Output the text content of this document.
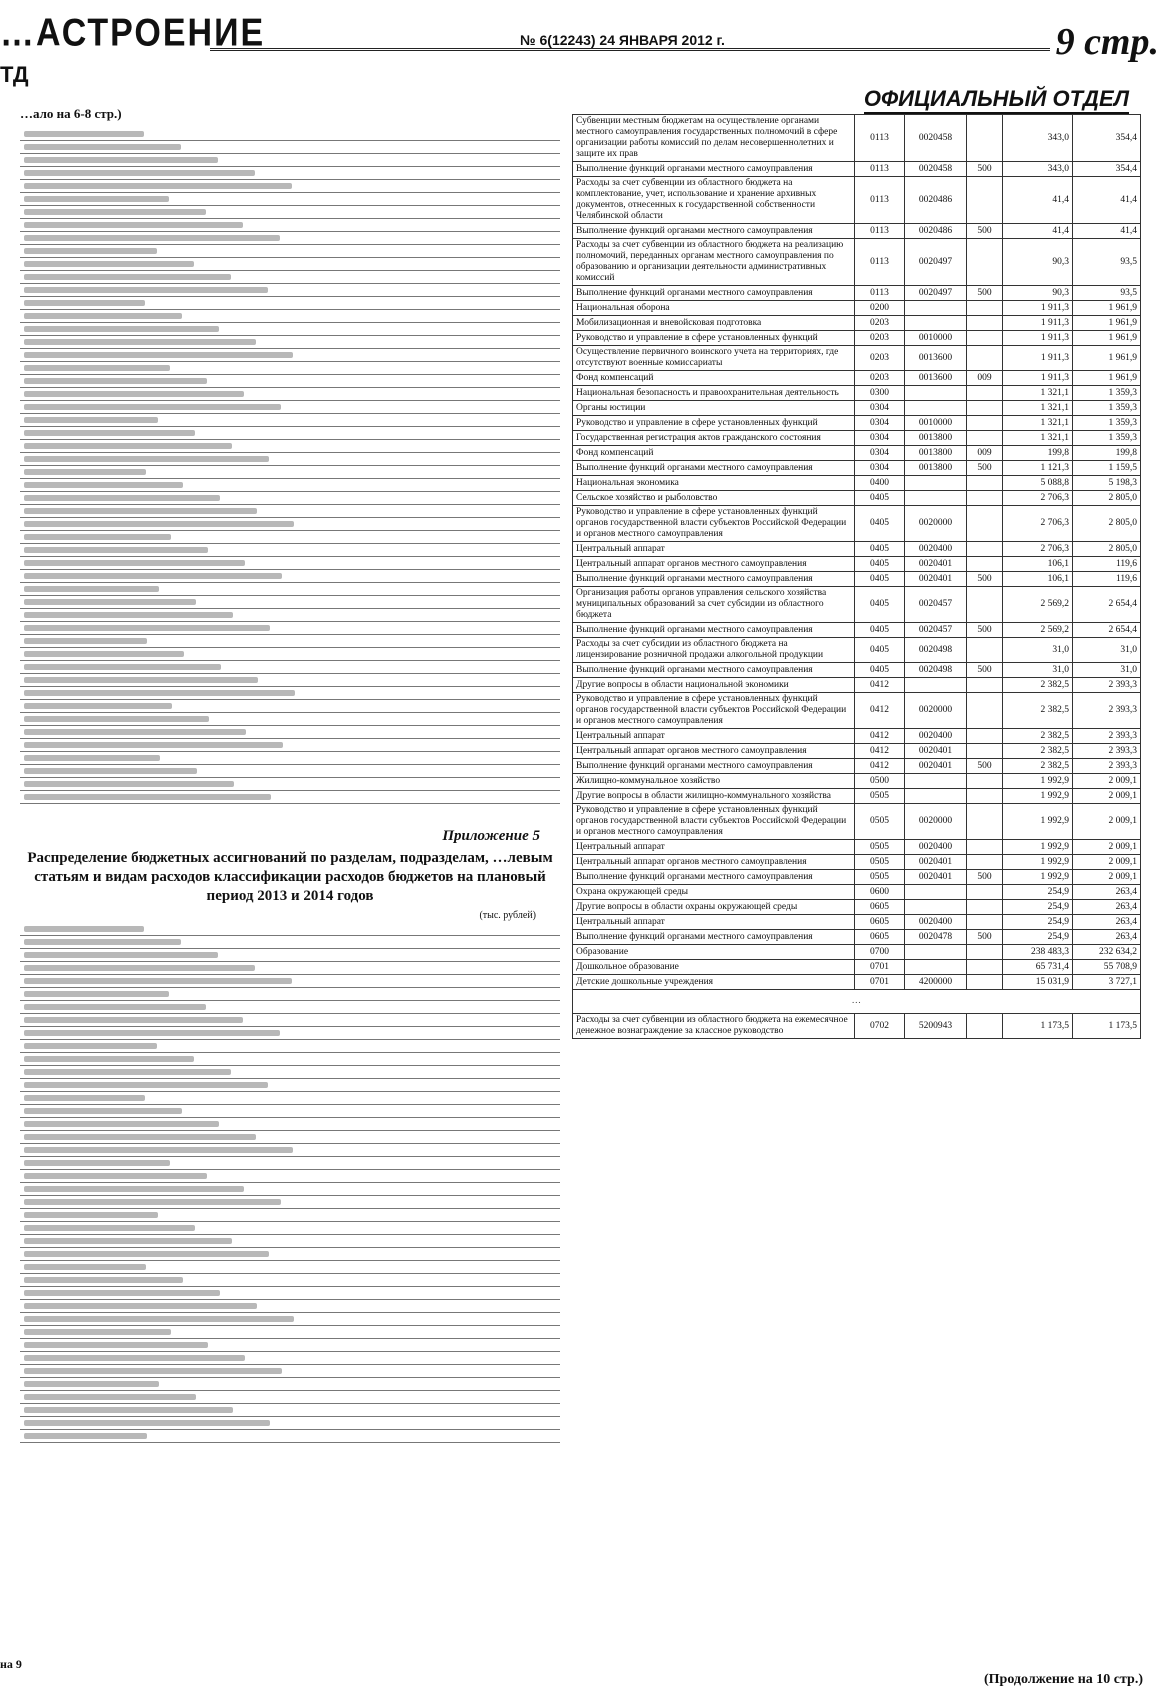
…АСТРОЕНИЕ	№ 6(12243) 24 ЯНВАРЯ 2012 г.	9 стр.
ТД
ОФИЦИАЛЬНЫЙ ОТДЕЛ
…ало на 6-8 стр.)
Приложение 5
Распределение бюджетных ассигнований по разделам, подразделам, …левым статьям и видам расходов классификации расходов бюджетов на плановый период 2013 и 2014 годов
(тыс. рублей)
Субвенции местным бюджетам на осуществление органами местного самоуправления государственных полномочий в сфере организации работы комиссий по делам несовершеннолетних и защите их прав	0113	0020458		343,0	354,4
Выполнение функций органами местного самоуправления	0113	0020458	500	343,0	354,4
Расходы за счет субвенции из областного бюджета на комплектование, учет, использование и хранение архивных документов, отнесенных к государственной собственности Челябинской области	0113	0020486		41,4	41,4
Выполнение функций органами местного самоуправления	0113	0020486	500	41,4	41,4
Расходы за счет субвенции из областного бюджета на реализацию полномочий, переданных органам местного самоуправления по образованию и организации деятельности административных комиссий	0113	0020497		90,3	93,5
Выполнение функций органами местного самоуправления	0113	0020497	500	90,3	93,5
Национальная оборона	0200			1 911,3	1 961,9
Мобилизационная и вневойсковая подготовка	0203			1 911,3	1 961,9
Руководство и управление в сфере установленных функций	0203	0010000		1 911,3	1 961,9
Осуществление первичного воинского учета на территориях, где отсутствуют военные комиссариаты	0203	0013600		1 911,3	1 961,9
Фонд компенсаций	0203	0013600	009	1 911,3	1 961,9
Национальная безопасность и правоохранительная деятельность	0300			1 321,1	1 359,3
Органы юстиции	0304			1 321,1	1 359,3
Руководство и управление в сфере установленных функций	0304	0010000		1 321,1	1 359,3
Государственная регистрация актов гражданского состояния	0304	0013800		1 321,1	1 359,3
Фонд компенсаций	0304	0013800	009	199,8	199,8
Выполнение функций органами местного самоуправления	0304	0013800	500	1 121,3	1 159,5
Национальная экономика	0400			5 088,8	5 198,3
Сельское хозяйство и рыболовство	0405			2 706,3	2 805,0
Руководство и управление в сфере установленных функций органов государственной власти субъектов Российской Федерации и органов местного самоуправления	0405	0020000		2 706,3	2 805,0
Центральный аппарат	0405	0020400		2 706,3	2 805,0
Центральный аппарат органов местного самоуправления	0405	0020401		106,1	119,6
Выполнение функций органами местного самоуправления	0405	0020401	500	106,1	119,6
Организация работы органов управления сельского хозяйства муниципальных образований за счет субсидии из областного бюджета	0405	0020457		2 569,2	2 654,4
Выполнение функций органами местного самоуправления	0405	0020457	500	2 569,2	2 654,4
Расходы за счет субсидии из областного бюджета на лицензирование розничной продажи алкогольной продукции	0405	0020498		31,0	31,0
Выполнение функций органами местного самоуправления	0405	0020498	500	31,0	31,0
Другие вопросы в области национальной экономики	0412			2 382,5	2 393,3
Руководство и управление в сфере установленных функций органов государственной власти субъектов Российской Федерации и органов местного самоуправления	0412	0020000		2 382,5	2 393,3
Центральный аппарат	0412	0020400		2 382,5	2 393,3
Центральный аппарат органов местного самоуправления	0412	0020401		2 382,5	2 393,3
Выполнение функций органами местного самоуправления	0412	0020401	500	2 382,5	2 393,3
Жилищно-коммунальное хозяйство	0500			1 992,9	2 009,1
Другие вопросы в области жилищно-коммунального хозяйства	0505			1 992,9	2 009,1
Руководство и управление в сфере установленных функций органов государственной власти субъектов Российской Федерации и органов местного самоуправления	0505	0020000		1 992,9	2 009,1
Центральный аппарат	0505	0020400		1 992,9	2 009,1
Центральный аппарат органов местного самоуправления	0505	0020401		1 992,9	2 009,1
Выполнение функций органами местного самоуправления	0505	0020401	500	1 992,9	2 009,1
Охрана окружающей среды	0600			254,9	263,4
Другие вопросы в области охраны окружающей среды	0605			254,9	263,4
Центральный аппарат	0605	0020400		254,9	263,4
Выполнение функций органами местного самоуправления	0605	0020478	500	254,9	263,4
Образование	0700			238 483,3	232 634,2
Дошкольное образование	0701			65 731,4	55 708,9
Детские дошкольные учреждения	0701	4200000		15 031,9	3 727,1
…					
Расходы за счет субвенции из областного бюджета на ежемесячное денежное вознаграждение за классное руководство	0702	5200943		1 173,5	1 173,5
на 9
(Продолжение на 10 стр.)
